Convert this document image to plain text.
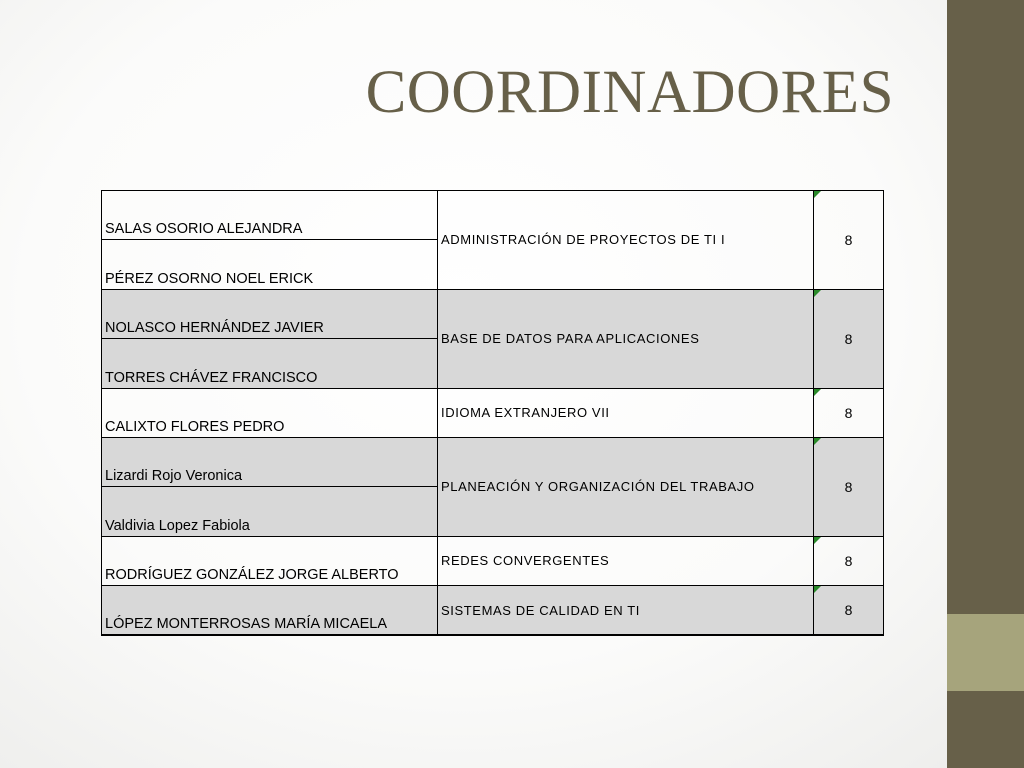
COORDINADORES
SALAS OSORIO ALEJANDRA	ADMINISTRACIÓN DE PROYECTOS DE TI I	8
PÉREZ OSORNO NOEL ERICK		
NOLASCO HERNÁNDEZ JAVIER	BASE DE DATOS PARA APLICACIONES	8
TORRES CHÁVEZ FRANCISCO		
CALIXTO FLORES PEDRO	IDIOMA EXTRANJERO VII	8
Lizardi Rojo Veronica	PLANEACIÓN Y ORGANIZACIÓN DEL TRABAJO	8
Valdivia Lopez Fabiola		
RODRÍGUEZ GONZÁLEZ JORGE ALBERTO	REDES CONVERGENTES	8
LÓPEZ MONTERROSAS MARÍA MICAELA	SISTEMAS DE CALIDAD EN TI	8
